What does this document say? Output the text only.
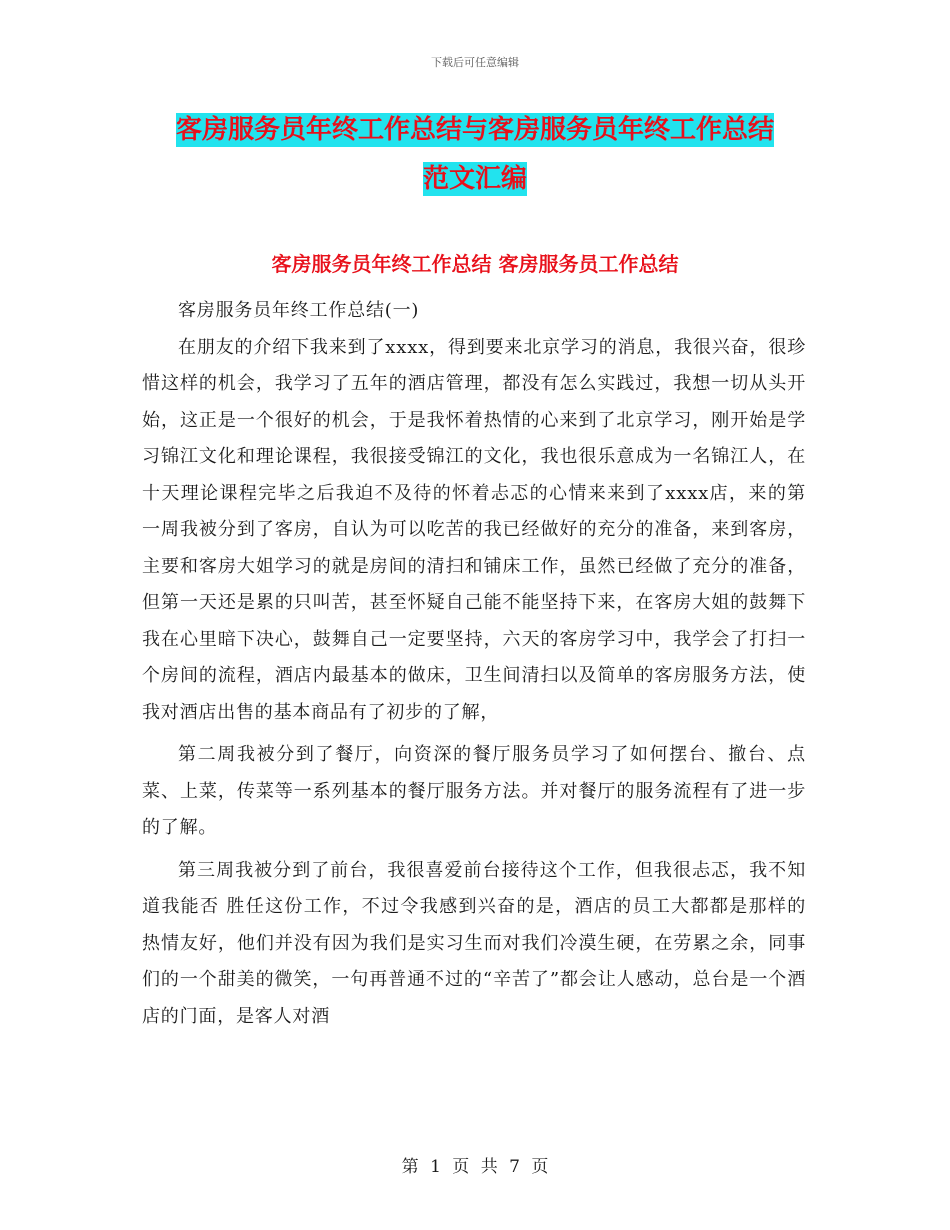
下载后可任意编辑
客房服务员年终工作总结与客房服务员年终工作总结
范文汇编
客房服务员年终工作总结 客房服务员工作总结

客房服务员年终工作总结(一)

在朋友的介绍下我来到了xxxx，得到要来北京学习的消息，我很兴奋，很珍惜这样的机会，我学习了五年的酒店管理，都没有怎么实践过，我想一切从头开始，这正是一个很好的机会，于是我怀着热情的心来到了北京学习，刚开始是学习锦江文化和理论课程，我很接受锦江的文化，我也很乐意成为一名锦江人，在十天理论课程完毕之后我迫不及待的怀着忐忑的心情来来到了xxxx店，来的第一周我被分到了客房，自认为可以吃苦的我已经做好的充分的准备，来到客房，主要和客房大姐学习的就是房间的清扫和铺床工作，虽然已经做了充分的准备，但第一天还是累的只叫苦，甚至怀疑自己能不能坚持下来，在客房大姐的鼓舞下我在心里暗下决心，鼓舞自己一定要坚持，六天的客房学习中，我学会了打扫一个房间的流程，酒店内最基本的做床，卫生间清扫以及简单的客房服务方法，使我对酒店出售的基本商品有了初步的了解，

第二周我被分到了餐厅，向资深的餐厅服务员学习了如何摆台、撤台、点菜、上菜，传菜等一系列基本的餐厅服务方法。并对餐厅的服务流程有了进一步的了解。

第三周我被分到了前台，我很喜爱前台接待这个工作，但我很忐忑，我不知道我能否 胜任这份工作，不过令我感到兴奋的是，酒店的员工大都都是那样的热情友好，他们并没有因为我们是实习生而对我们冷漠生硬，在劳累之余，同事们的一个甜美的微笑，一句再普通不过的“辛苦了”都会让人感动，总台是一个酒店的门面，是客人对酒

第 1 页 共 7 页
